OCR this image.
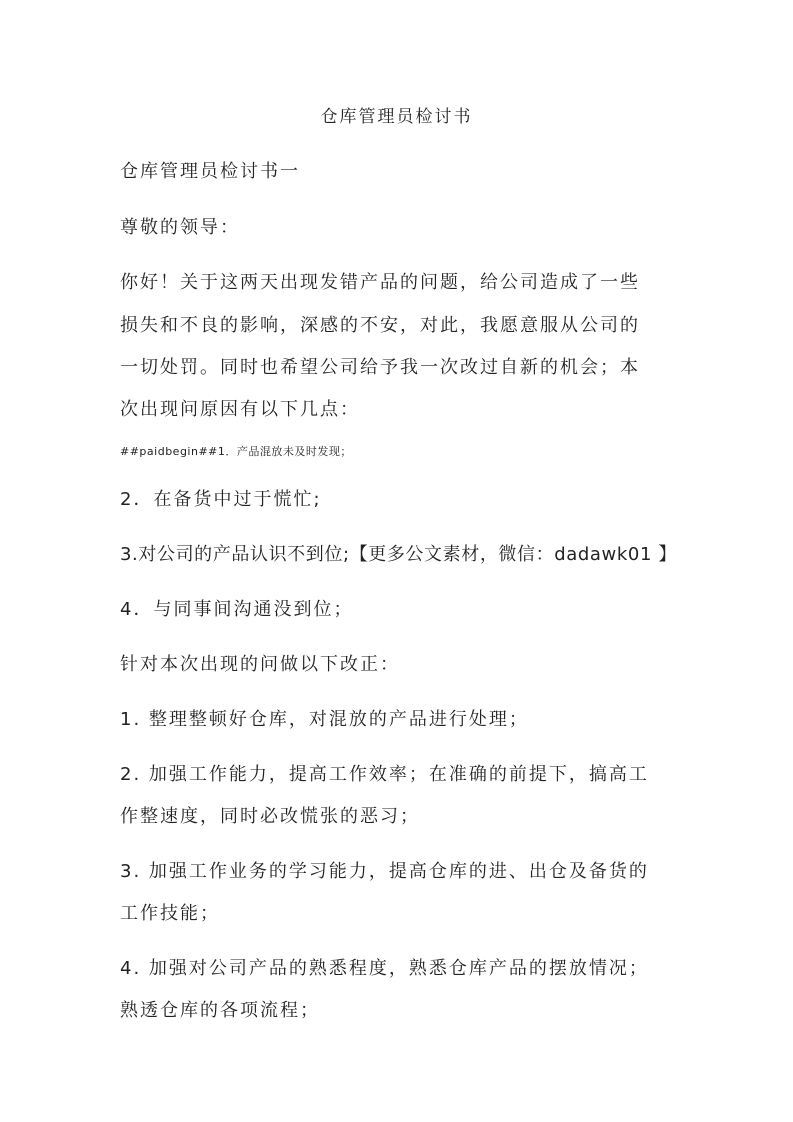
仓库管理员检讨书

仓库管理员检讨书一

尊敬的领导：

你好！关于这两天出现发错产品的问题，给公司造成了一些

损失和不良的影响，深感的不安，对此，我愿意服从公司的

一切处罚。同时也希望公司给予我一次改过自新的机会；本

次出现问原因有以下几点：

##paidbegin##1．产品混放未及时发现；

2．在备货中过于慌忙;

3.对公司的产品认识不到位;【更多公文素材，微信：dadawk01 】

4．与同事间沟通没到位；

针对本次出现的问做以下改正：

1. 整理整顿好仓库，对混放的产品进行处理；

2. 加强工作能力，提高工作效率；在准确的前提下，搞高工

作整速度，同时必改慌张的恶习；

3. 加强工作业务的学习能力，提高仓库的进、出仓及备货的

工作技能；

4. 加强对公司产品的熟悉程度，熟悉仓库产品的摆放情况；

熟透仓库的各项流程；
